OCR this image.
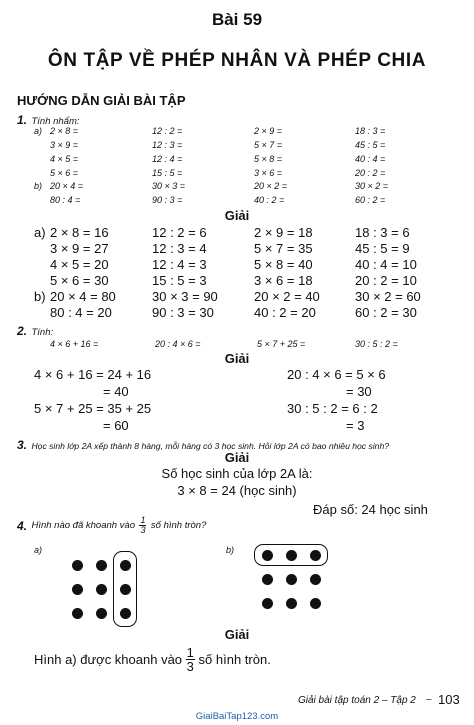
Bài 59
ÔN TẬP VỀ PHÉP NHÂN VÀ PHÉP CHIA
HƯỚNG DẪN GIẢI BÀI TẬP
1. Tính nhẩm:
a)
b)
2 × 8 =	12 : 2 =	2 × 9 =	18 : 3 =
3 × 9 =	12 : 3 =	5 × 7 =	45 : 5 =
4 × 5 =	12 : 4 =	5 × 8 =	40 : 4 =
5 × 6 =	15 : 5 =	3 × 6 =	20 : 2 =
20 × 4 =	30 × 3 =	20 × 2 =	30 × 2 =
80 : 4 =	90 : 3 =	40 : 2 =	60 : 2 =
Giải
a)
b)
2 × 8 = 16	12 : 2 = 6	2 × 9 = 18	18 : 3 = 6
3 × 9 = 27	12 : 3 = 4	5 × 7 = 35	45 : 5 = 9
4 × 5 = 20	12 : 4 = 3	5 × 8 = 40	40 : 4 = 10
5 × 6 = 30	15 : 5 = 3	3 × 6 = 18	20 : 2 = 10
20 × 4 = 80	30 × 3 = 90	20 × 2 = 40	30 × 2 = 60
80 : 4 = 20	90 : 3 = 30	40 : 2 = 20	60 : 2 = 30
2. Tính:
4 × 6 + 16 =	20 : 4 × 6 =	5 × 7 + 25 =	30 : 5 : 2 =
Giải
4 × 6 + 16 = 24 + 16
= 40
5 × 7 + 25 = 35 + 25
= 60
20 : 4 × 6 = 5 × 6
= 30
30 : 5 : 2 = 6 : 2
= 3
3. Học sinh lớp 2A xếp thành 8 hàng, mỗi hàng có 3 học sinh. Hỏi lớp 2A có bao nhiêu học sinh?
Giải
Số học sinh của lớp 2A là:
3 × 8 = 24 (học sinh)
Đáp số: 24 học sinh
4.
Hình nào đã khoanh vào
$\frac{1}{3}$
số hình tròn?
a)	b)
Giải
Hình a) được khoanh vào
$\frac{1}{3}$
số hình tròn.
Giải bài tập toán 2 – Tập 2 – 103
GiaiBaiTap123.com
